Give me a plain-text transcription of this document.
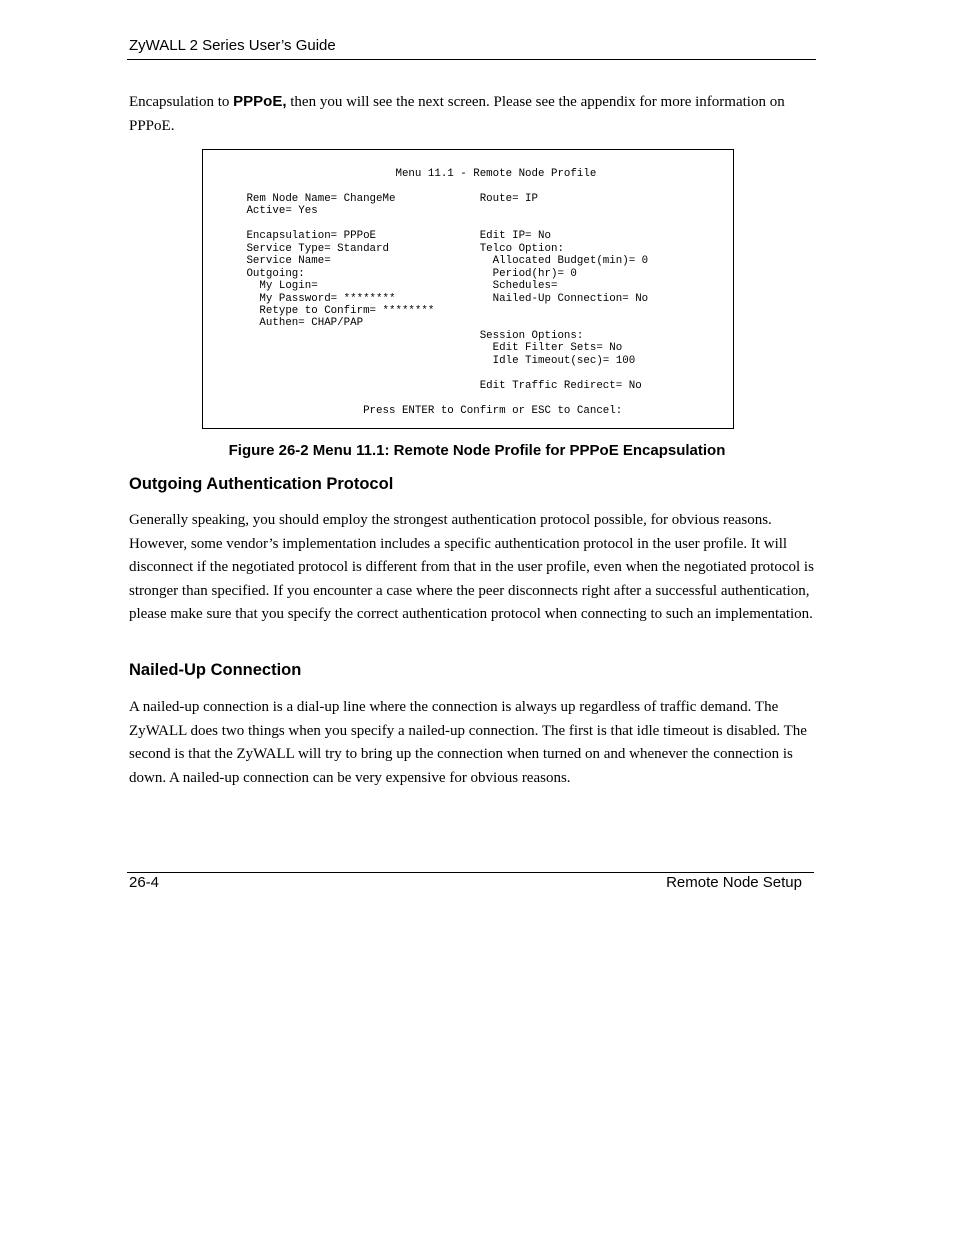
ZyWALL 2 Series User’s Guide

Encapsulation to PPPoE, then you will see the next screen. Please see the appendix for more information on PPPoE.

Menu 11.1 - Remote Node Profile

Rem Node Name= ChangeMe             Route= IP
Active= Yes

Encapsulation= PPPoE                Edit IP= No
Service Type= Standard              Telco Option:
Service Name=                         Allocated Budget(min)= 0
Outgoing:                             Period(hr)= 0
My Login=                           Schedules=
My Password= ********               Nailed-Up Connection= No
Retype to Confirm= ********
Authen= CHAP/PAP
Session Options:
Edit Filter Sets= No
Idle Timeout(sec)= 100

Edit Traffic Redirect= No

Press ENTER to Confirm or ESC to Cancel:
Figure 26-2 Menu 11.1: Remote Node Profile for PPPoE Encapsulation
Outgoing Authentication Protocol

Generally speaking, you should employ the strongest authentication protocol possible, for obvious reasons. However, some vendor’s implementation includes a specific authentication protocol in the user profile. It will disconnect if the negotiated protocol is different from that in the user profile, even when the negotiated protocol is stronger than specified. If you encounter a case where the peer disconnects right after a successful authentication, please make sure that you specify the correct authentication protocol when connecting to such an implementation.

Nailed-Up Connection

A nailed-up connection is a dial-up line where the connection is always up regardless of traffic demand. The ZyWALL does two things when you specify a nailed-up connection. The first is that idle timeout is disabled. The second is that the ZyWALL will try to bring up the connection when turned on and whenever the connection is down. A nailed-up connection can be very expensive for obvious reasons.

26-4	Remote Node Setup
